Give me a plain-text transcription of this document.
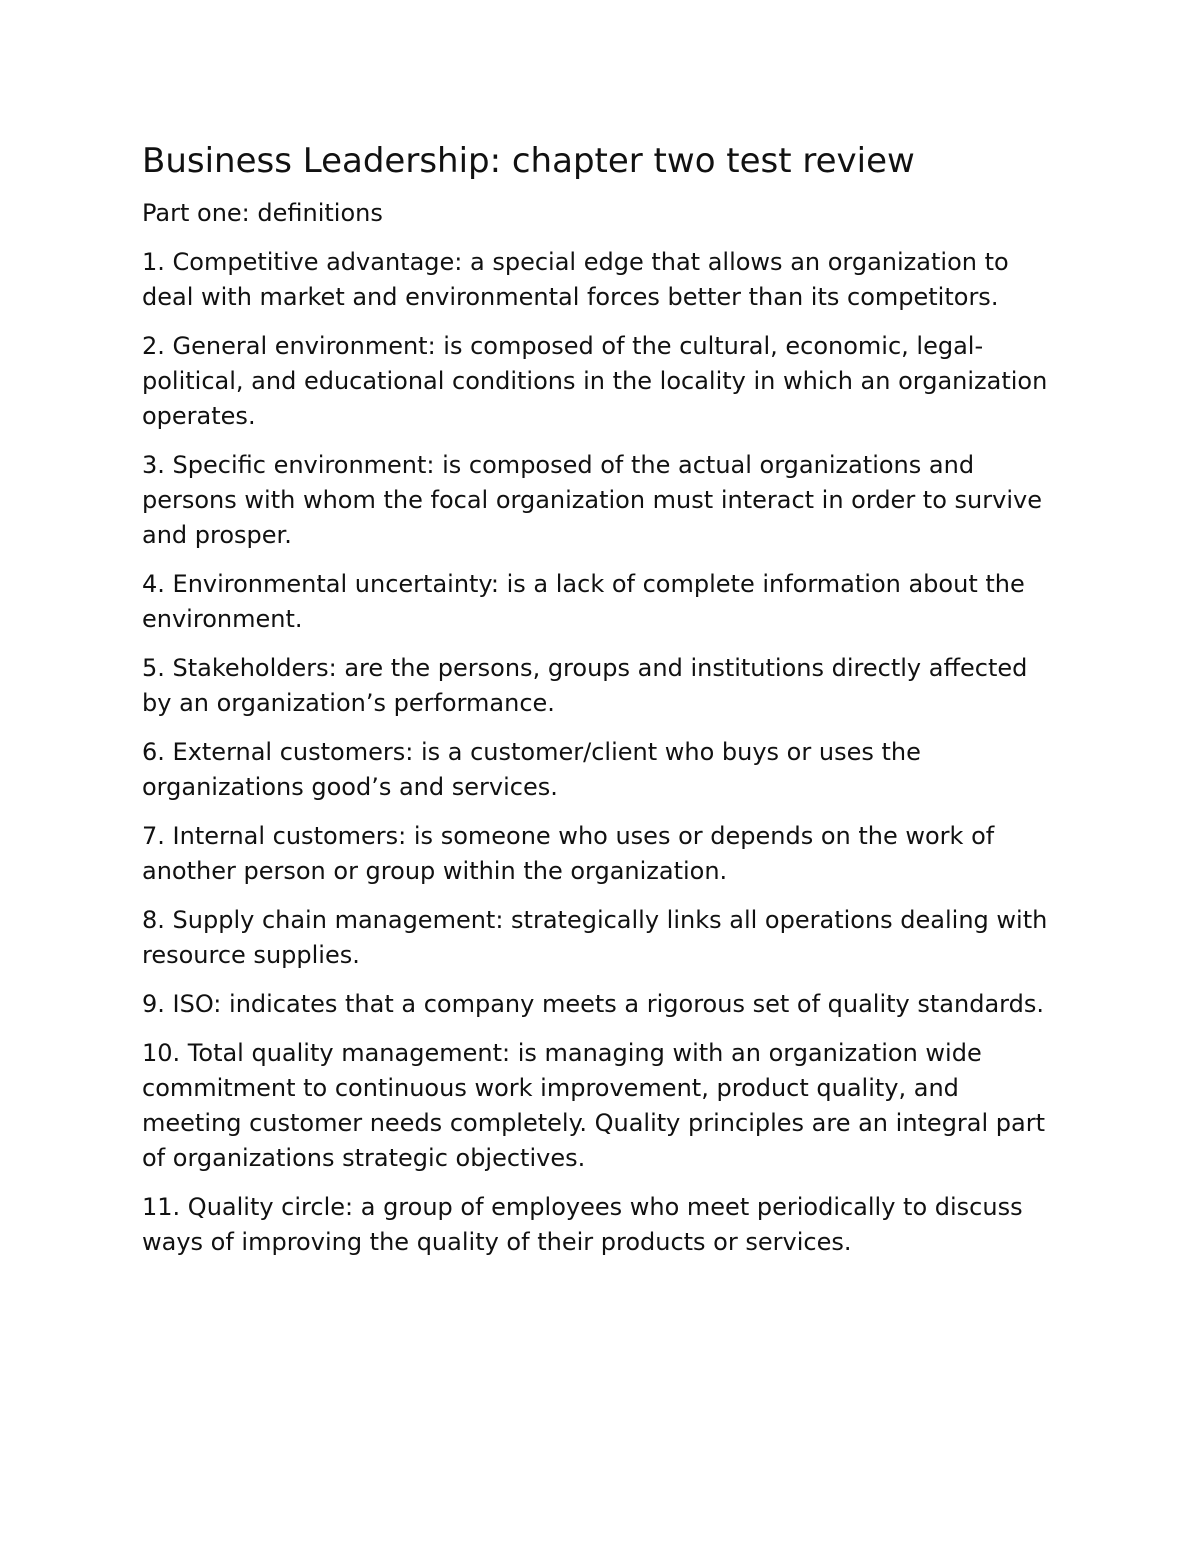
Business Leadership: chapter two test review

Part one: definitions

1. Competitive advantage: a special edge that allows an organization to deal with market and environmental forces better than its competitors.
2. General environment: is composed of the cultural, economic, legal-political, and educational conditions in the locality in which an organization operates.
3. Specific environment: is composed of the actual organizations and persons with whom the focal organization must interact in order to survive and prosper.
4. Environmental uncertainty: is a lack of complete information about the environment.
5. Stakeholders: are the persons, groups and institutions directly affected by an organization’s performance.
6. External customers: is a customer/client who buys or uses the organizations good’s and services.
7. Internal customers: is someone who uses or depends on the work of another person or group within the organization.
8. Supply chain management: strategically links all operations dealing with resource supplies.
9. ISO: indicates that a company meets a rigorous set of quality standards.
10. Total quality management: is managing with an organization wide commitment to continuous work improvement, product quality, and meeting customer needs completely. Quality principles are an integral part of organizations strategic objectives.
11. Quality circle: a group of employees who meet periodically to discuss ways of improving the quality of their products or services.
